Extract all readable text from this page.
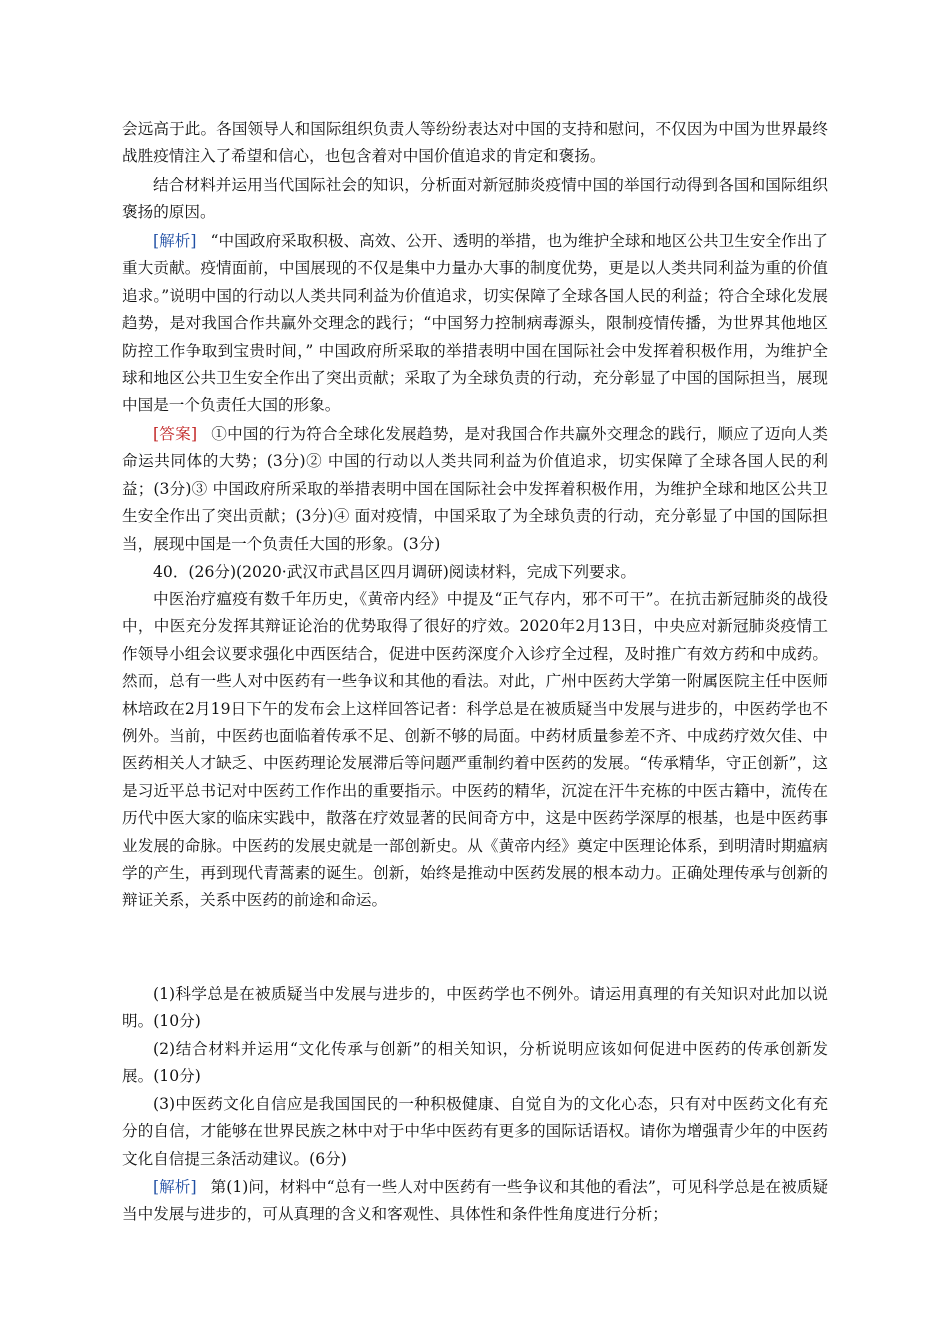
会远高于此。各国领导人和国际组织负责人等纷纷表达对中国的支持和慰问，不仅因为中国为世界最终战胜疫情注入了希望和信心，也包含着对中国价值追求的肯定和褒扬。

结合材料并运用当代国际社会的知识，分析面对新冠肺炎疫情中国的举国行动得到各国和国际组织褒扬的原因。

[解析] “中国政府采取积极、高效、公开、透明的举措，也为维护全球和地区公共卫生安全作出了重大贡献。疫情面前，中国展现的不仅是集中力量办大事的制度优势，更是以人类共同利益为重的价值追求。”说明中国的行动以人类共同利益为价值追求，切实保障了全球各国人民的利益；符合全球化发展趋势，是对我国合作共赢外交理念的践行；“中国努力控制病毒源头，限制疫情传播，为世界其他地区防控工作争取到宝贵时间，” 中国政府所采取的举措表明中国在国际社会中发挥着积极作用，为维护全球和地区公共卫生安全作出了突出贡献；采取了为全球负责的行动，充分彰显了中国的国际担当，展现中国是一个负责任大国的形象。

[答案] ①中国的行为符合全球化发展趋势，是对我国合作共赢外交理念的践行，顺应了迈向人类命运共同体的大势；(3分)② 中国的行动以人类共同利益为价值追求，切实保障了全球各国人民的利益；(3分)③ 中国政府所采取的举措表明中国在国际社会中发挥着积极作用，为维护全球和地区公共卫生安全作出了突出贡献；(3分)④ 面对疫情，中国采取了为全球负责的行动，充分彰显了中国的国际担当，展现中国是一个负责任大国的形象。(3分)

40．(26分)(2020·武汉市武昌区四月调研)阅读材料，完成下列要求。

中医治疗瘟疫有数千年历史，《黄帝内经》中提及“正气存内，邪不可干”。在抗击新冠肺炎的战役中，中医充分发挥其辩证论治的优势取得了很好的疗效。2020年2月13日，中央应对新冠肺炎疫情工作领导小组会议要求强化中西医结合，促进中医药深度介入诊疗全过程，及时推广有效方药和中成药。然而，总有一些人对中医药有一些争议和其他的看法。对此，广州中医药大学第一附属医院主任中医师林培政在2月19日下午的发布会上这样回答记者：科学总是在被质疑当中发展与进步的，中医药学也不例外。当前，中医药也面临着传承不足、创新不够的局面。中药材质量参差不齐、中成药疗效欠佳、中医药相关人才缺乏、中医药理论发展滞后等问题严重制约着中医药的发展。“传承精华，守正创新”，这是习近平总书记对中医药工作作出的重要指示。中医药的精华，沉淀在汗牛充栋的中医古籍中，流传在历代中医大家的临床实践中，散落在疗效显著的民间奇方中，这是中医药学深厚的根基，也是中医药事业发展的命脉。中医药的发展史就是一部创新史。从《黄帝内经》奠定中医理论体系，到明清时期瘟病学的产生，再到现代青蒿素的诞生。创新，始终是推动中医药发展的根本动力。正确处理传承与创新的辩证关系，关系中医药的前途和命运。

(1)科学总是在被质疑当中发展与进步的，中医药学也不例外。请运用真理的有关知识对此加以说明。(10分)

(2)结合材料并运用“文化传承与创新”的相关知识，分析说明应该如何促进中医药的传承创新发展。(10分)

(3)中医药文化自信应是我国国民的一种积极健康、自觉自为的文化心态，只有对中医药文化有充分的自信，才能够在世界民族之林中对于中华中医药有更多的国际话语权。请你为增强青少年的中医药文化自信提三条活动建议。(6分)

[解析] 第(1)问，材料中“总有一些人对中医药有一些争议和其他的看法”，可见科学总是在被质疑当中发展与进步的，可从真理的含义和客观性、具体性和条件性角度进行分析；
